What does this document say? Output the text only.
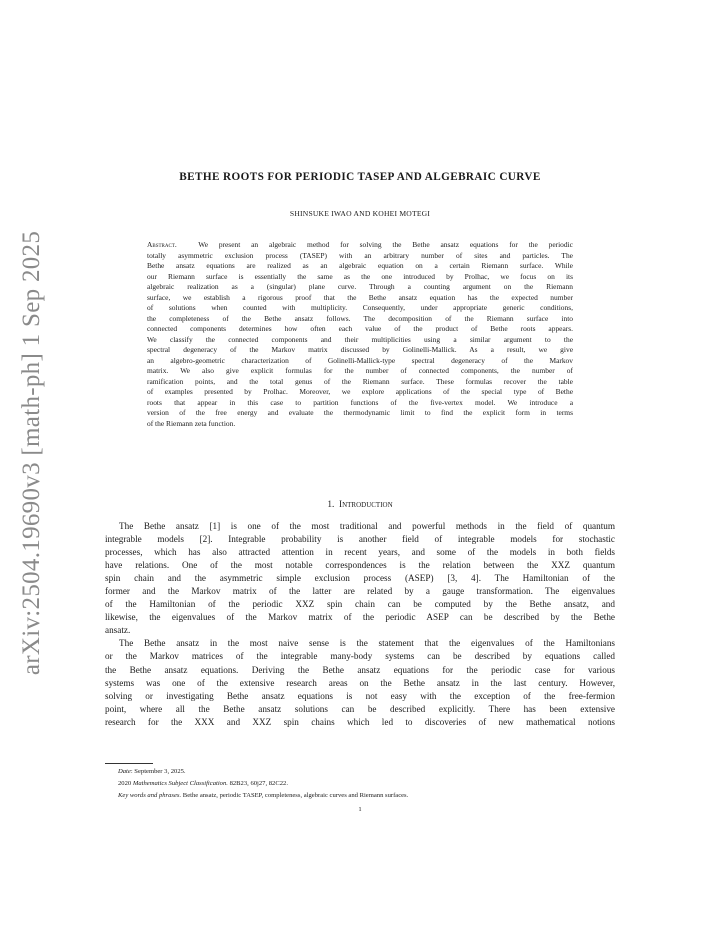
arXiv:2504.19690v3 [math-ph] 1 Sep 2025
BETHE ROOTS FOR PERIODIC TASEP AND ALGEBRAIC CURVE
SHINSUKE IWAO AND KOHEI MOTEGI
Abstract.	We present an algebraic method for solving the Bethe ansatz equations for the periodic
totally asymmetric exclusion process (TASEP) with an arbitrary number of sites and particles. The
Bethe ansatz equations are realized as an algebraic equation on a certain Riemann surface. While
our Riemann surface is essentially the same as the one introduced by Prolhac, we focus on its
algebraic realization as a (singular) plane curve. Through a counting argument on the Riemann
surface, we establish a rigorous proof that the Bethe ansatz equation has the expected number
of solutions when counted with multiplicity. Consequently, under appropriate generic conditions,
the completeness of the Bethe ansatz follows. The decomposition of the Riemann surface into
connected components determines how often each value of the product of Bethe roots appears.
We classify the connected components and their multiplicities using a similar argument to the
spectral degeneracy of the Markov matrix discussed by Golinelli-Mallick. As a result, we give
an algebro-geometric characterization of Golinelli-Mallick-type spectral degeneracy of the Markov
matrix. We also give explicit formulas for the number of connected components, the number of
ramification points, and the total genus of the Riemann surface. These formulas recover the table
of examples presented by Prolhac. Moreover, we explore applications of the special type of Bethe
roots that appear in this case to partition functions of the five-vertex model. We introduce a
version of the free energy and evaluate the thermodynamic limit to find the explicit form in terms
of the Riemann zeta function.
1. Introduction
The Bethe ansatz [1] is one of the most traditional and powerful methods in the field of quantum
integrable models [2]. Integrable probability is another field of integrable models for stochastic
processes, which has also attracted attention in recent years, and some of the models in both fields
have relations. One of the most notable correspondences is the relation between the XXZ quantum
spin chain and the asymmetric simple exclusion process (ASEP) [3, 4]. The Hamiltonian of the
former and the Markov matrix of the latter are related by a gauge transformation. The eigenvalues
of the Hamiltonian of the periodic XXZ spin chain can be computed by the Bethe ansatz, and
likewise, the eigenvalues of the Markov matrix of the periodic ASEP can be described by the Bethe
ansatz.
The Bethe ansatz in the most naive sense is the statement that the eigenvalues of the Hamiltonians
or the Markov matrices of the integrable many-body systems can be described by equations called
the Bethe ansatz equations. Deriving the Bethe ansatz equations for the periodic case for various
systems was one of the extensive research areas on the Bethe ansatz in the last century. However,
solving or investigating Bethe ansatz equations is not easy with the exception of the free-fermion
point, where all the Bethe ansatz solutions can be described explicitly. There has been extensive
research for the XXX and XXZ spin chains which led to discoveries of new mathematical notions
Date: September 3, 2025.
2020 Mathematics Subject Classification. 82B23, 60j27, 82C22.
Key words and phrases. Bethe ansatz, periodic TASEP, completeness, algebraic curves and Riemann surfaces.
1
